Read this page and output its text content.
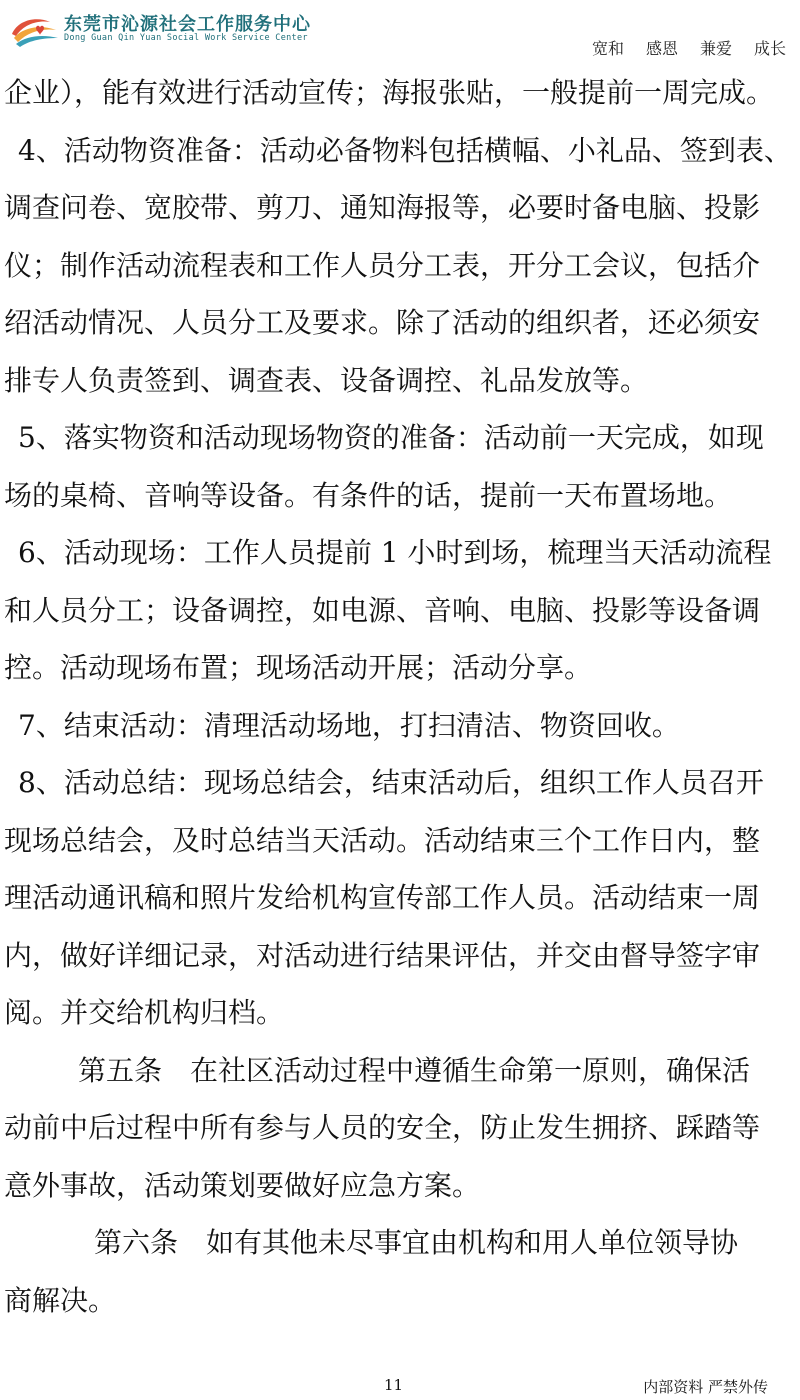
东莞市沁源社会工作服务中心
Dong Guan Qin Yuan Social Work Service Center
宽和 感恩 兼爱 成长
企业），能有效进行活动宣传；海报张贴，一般提前一周完成。
4、活动物资准备：活动必备物料包括横幅、小礼品、签到表、
调查问卷、宽胶带、剪刀、通知海报等，必要时备电脑、投影
仪；制作活动流程表和工作人员分工表，开分工会议，包括介
绍活动情况、人员分工及要求。除了活动的组织者，还必须安
排专人负责签到、调查表、设备调控、礼品发放等。
5、落实物资和活动现场物资的准备：活动前一天完成，如现
场的桌椅、音响等设备。有条件的话，提前一天布置场地。
6、活动现场：工作人员提前 1 小时到场，梳理当天活动流程
和人员分工；设备调控，如电源、音响、电脑、投影等设备调
控。活动现场布置；现场活动开展；活动分享。
7、结束活动：清理活动场地，打扫清洁、物资回收。
8、活动总结：现场总结会，结束活动后，组织工作人员召开
现场总结会，及时总结当天活动。活动结束三个工作日内，整
理活动通讯稿和照片发给机构宣传部工作人员。活动结束一周
内，做好详细记录，对活动进行结果评估，并交由督导签字审
阅。并交给机构归档。
第五条　在社区活动过程中遵循生命第一原则，确保活
动前中后过程中所有参与人员的安全，防止发生拥挤、踩踏等
意外事故，活动策划要做好应急方案。
第六条　如有其他未尽事宜由机构和用人单位领导协
商解决。
11	内部资料 严禁外传
